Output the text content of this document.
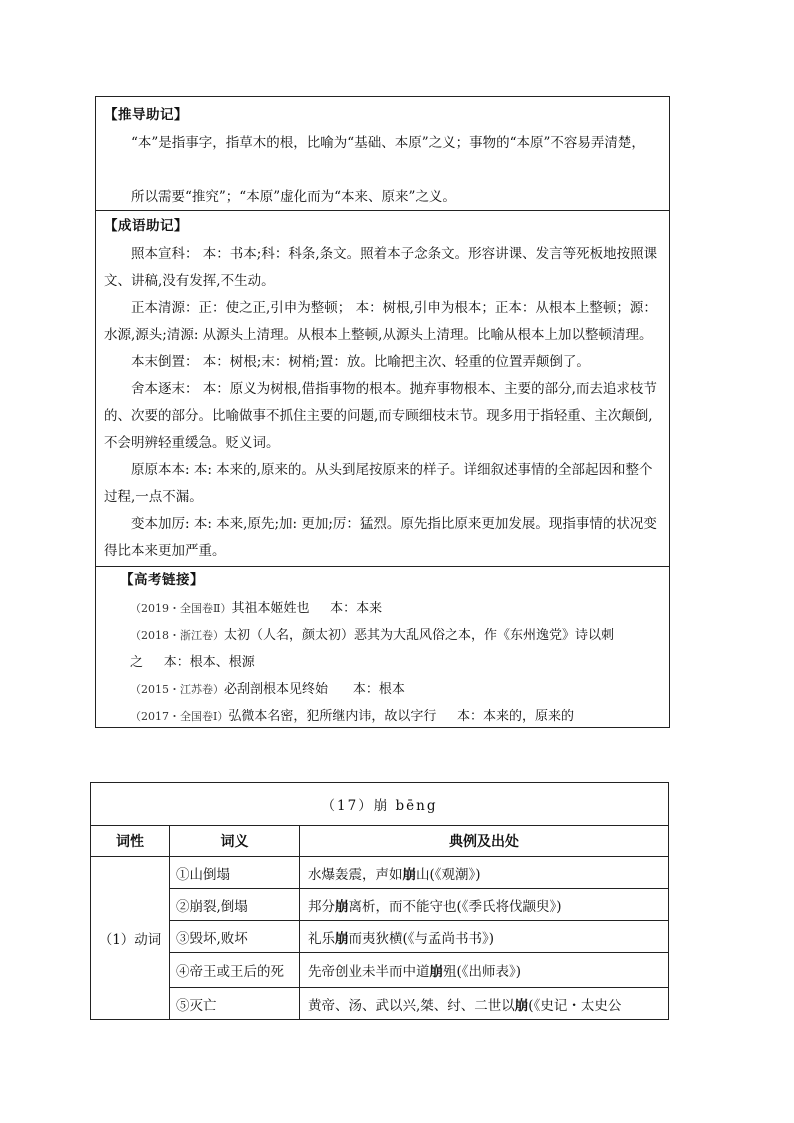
【推导助记】
“本”是指事字，指草木的根，比喻为“基础、本原”之义；事物的“本原”不容易弄清楚，
所以需要“推究”；“本原”虚化而为“本来、原来”之义。
【成语助记】
照本宣科： 本：书本;科：科条,条文。照着本子念条文。形容讲课、发言等死板地按照课文、讲稿,没有发挥,不生动。
正本清源：正：使之正,引申为整顿； 本：树根,引申为根本；正本：从根本上整顿；源：水源,源头;清源: 从源头上清理。从根本上整顿,从源头上清理。比喻从根本上加以整顿清理。
本末倒置： 本：树根;末：树梢;置：放。比喻把主次、轻重的位置弄颠倒了。
舍本逐末： 本：原义为树根,借指事物的根本。抛弃事物根本、主要的部分,而去追求枝节的、次要的部分。比喻做事不抓住主要的问题,而专顾细枝末节。现多用于指轻重、主次颠倒,不会明辨轻重缓急。贬义词。
原原本本: 本: 本来的,原来的。从头到尾按原来的样子。详细叙述事情的全部起因和整个过程,一点不漏。
变本加厉: 本: 本来,原先;加: 更加;厉：猛烈。原先指比原来更加发展。现指事情的状况变得比本来更加严重。
【高考链接】
（2019・全国卷Ⅱ）其祖本姬姓也 本：本来
（2018・浙江卷）太初（人名，颜太初）恶其为大乱风俗之本，作《东州逸党》诗以刺之 本：根本、根源
（2015・江苏卷）必刮剖根本见终始 本：根本
（2017・全国卷Ⅰ）弘微本名密，犯所继内讳，故以字行 本：本来的，原来的
（17）崩 bēng		
词性	词义	典例及出处
（1）动词	①山倒塌	水爆轰震，声如崩山(《观潮》)
	②崩裂,倒塌	邦分崩离析，而不能守也(《季氏将伐颛臾》)
	③毁坏,败坏	礼乐崩而夷狄横(《与孟尚书书》)
	④帝王或王后的死	先帝创业未半而中道崩殂(《出师表》)
	⑤灭亡	黄帝、汤、武以兴,桀、纣、二世以崩(《史记・太史公
